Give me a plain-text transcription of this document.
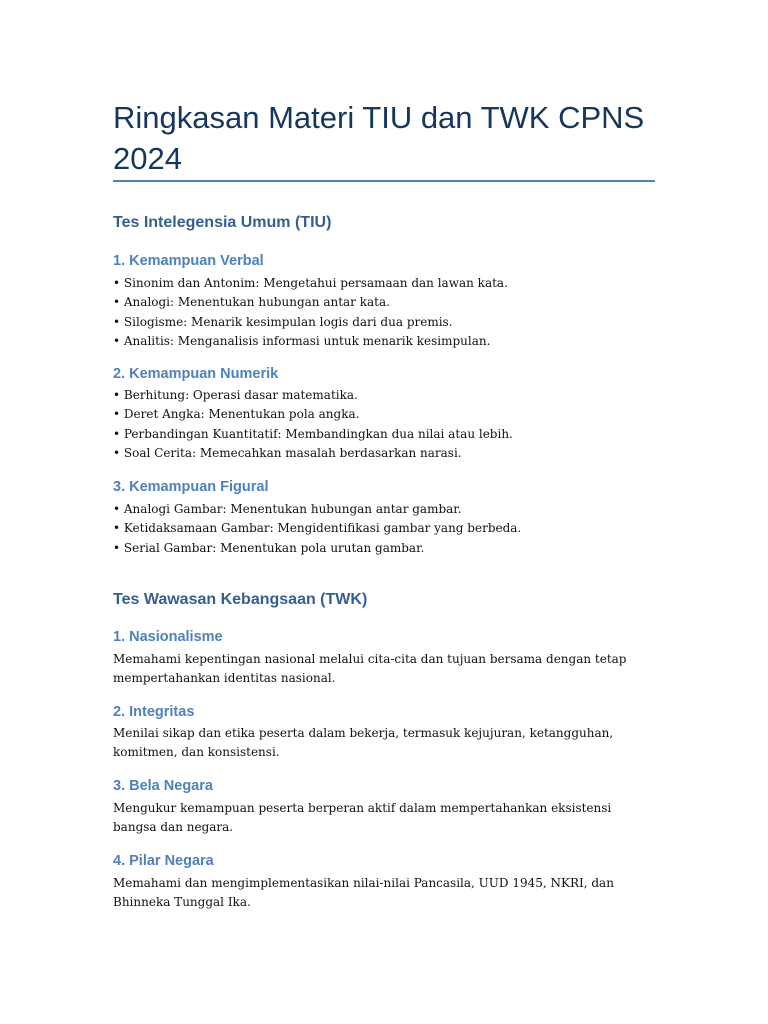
Ringkasan Materi TIU dan TWK CPNS 2024
Tes Intelegensia Umum (TIU)
1. Kemampuan Verbal
• Sinonim dan Antonim: Mengetahui persamaan dan lawan kata.
• Analogi: Menentukan hubungan antar kata.
• Silogisme: Menarik kesimpulan logis dari dua premis.
• Analitis: Menganalisis informasi untuk menarik kesimpulan.
2. Kemampuan Numerik
• Berhitung: Operasi dasar matematika.
• Deret Angka: Menentukan pola angka.
• Perbandingan Kuantitatif: Membandingkan dua nilai atau lebih.
• Soal Cerita: Memecahkan masalah berdasarkan narasi.
3. Kemampuan Figural
• Analogi Gambar: Menentukan hubungan antar gambar.
• Ketidaksamaan Gambar: Mengidentifikasi gambar yang berbeda.
• Serial Gambar: Menentukan pola urutan gambar.
Tes Wawasan Kebangsaan (TWK)
1. Nasionalisme

Memahami kepentingan nasional melalui cita-cita dan tujuan bersama dengan tetap mempertahankan identitas nasional.

2. Integritas

Menilai sikap dan etika peserta dalam bekerja, termasuk kejujuran, ketangguhan, komitmen, dan konsistensi.

3. Bela Negara

Mengukur kemampuan peserta berperan aktif dalam mempertahankan eksistensi bangsa dan negara.

4. Pilar Negara

Memahami dan mengimplementasikan nilai-nilai Pancasila, UUD 1945, NKRI, dan Bhinneka Tunggal Ika.
